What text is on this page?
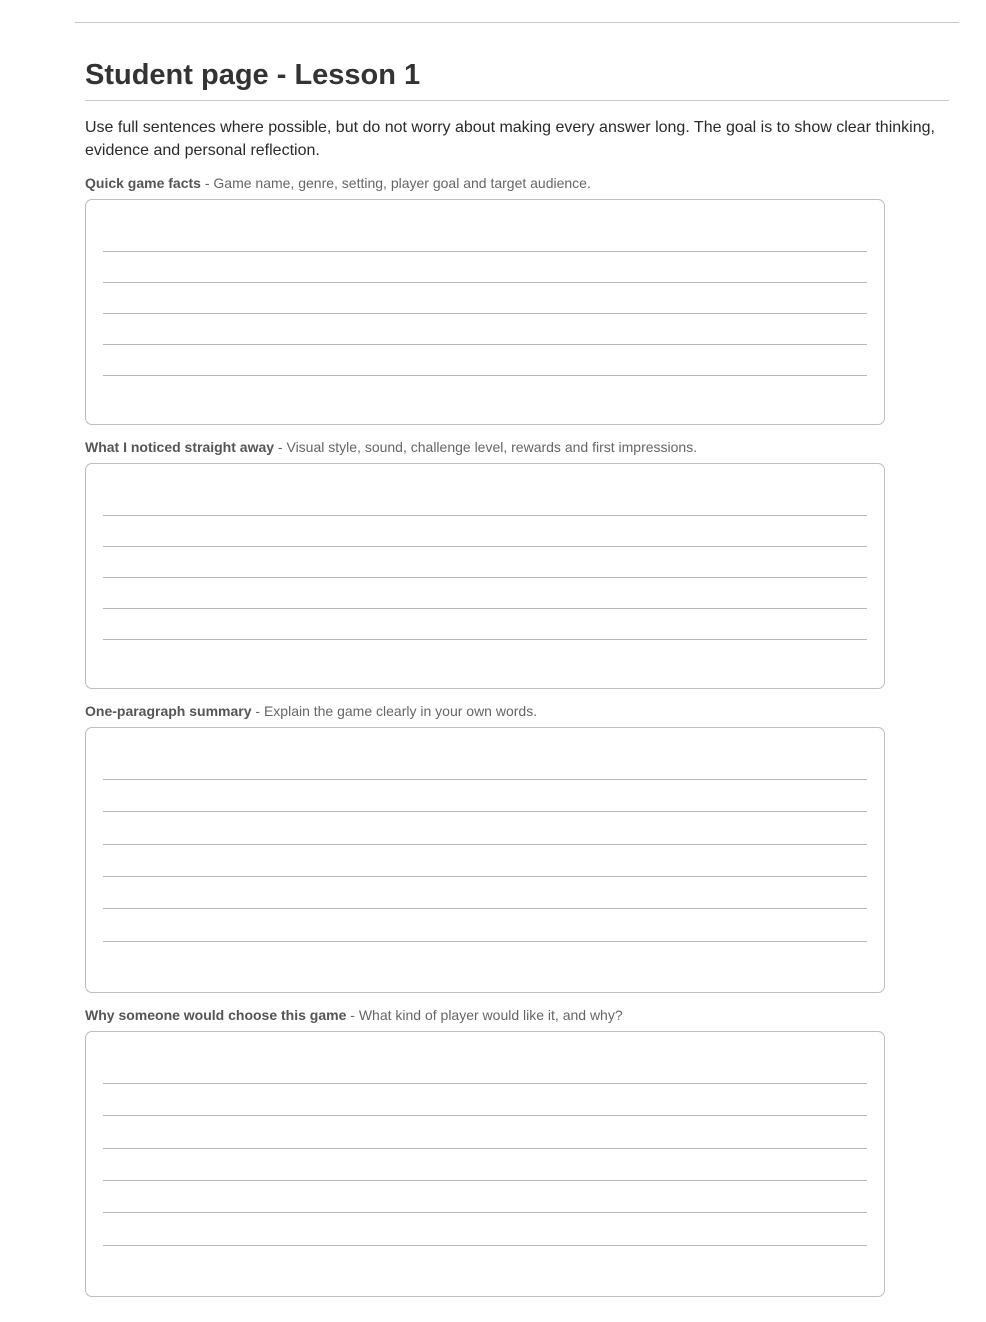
Student page - Lesson 1

Use full sentences where possible, but do not worry about making every answer long. The goal is to show clear thinking, evidence and personal reflection.

Quick game facts - Game name, genre, setting, player goal and target audience.

What I noticed straight away - Visual style, sound, challenge level, rewards and first impressions.

One-paragraph summary - Explain the game clearly in your own words.

Why someone would choose this game - What kind of player would like it, and why?
